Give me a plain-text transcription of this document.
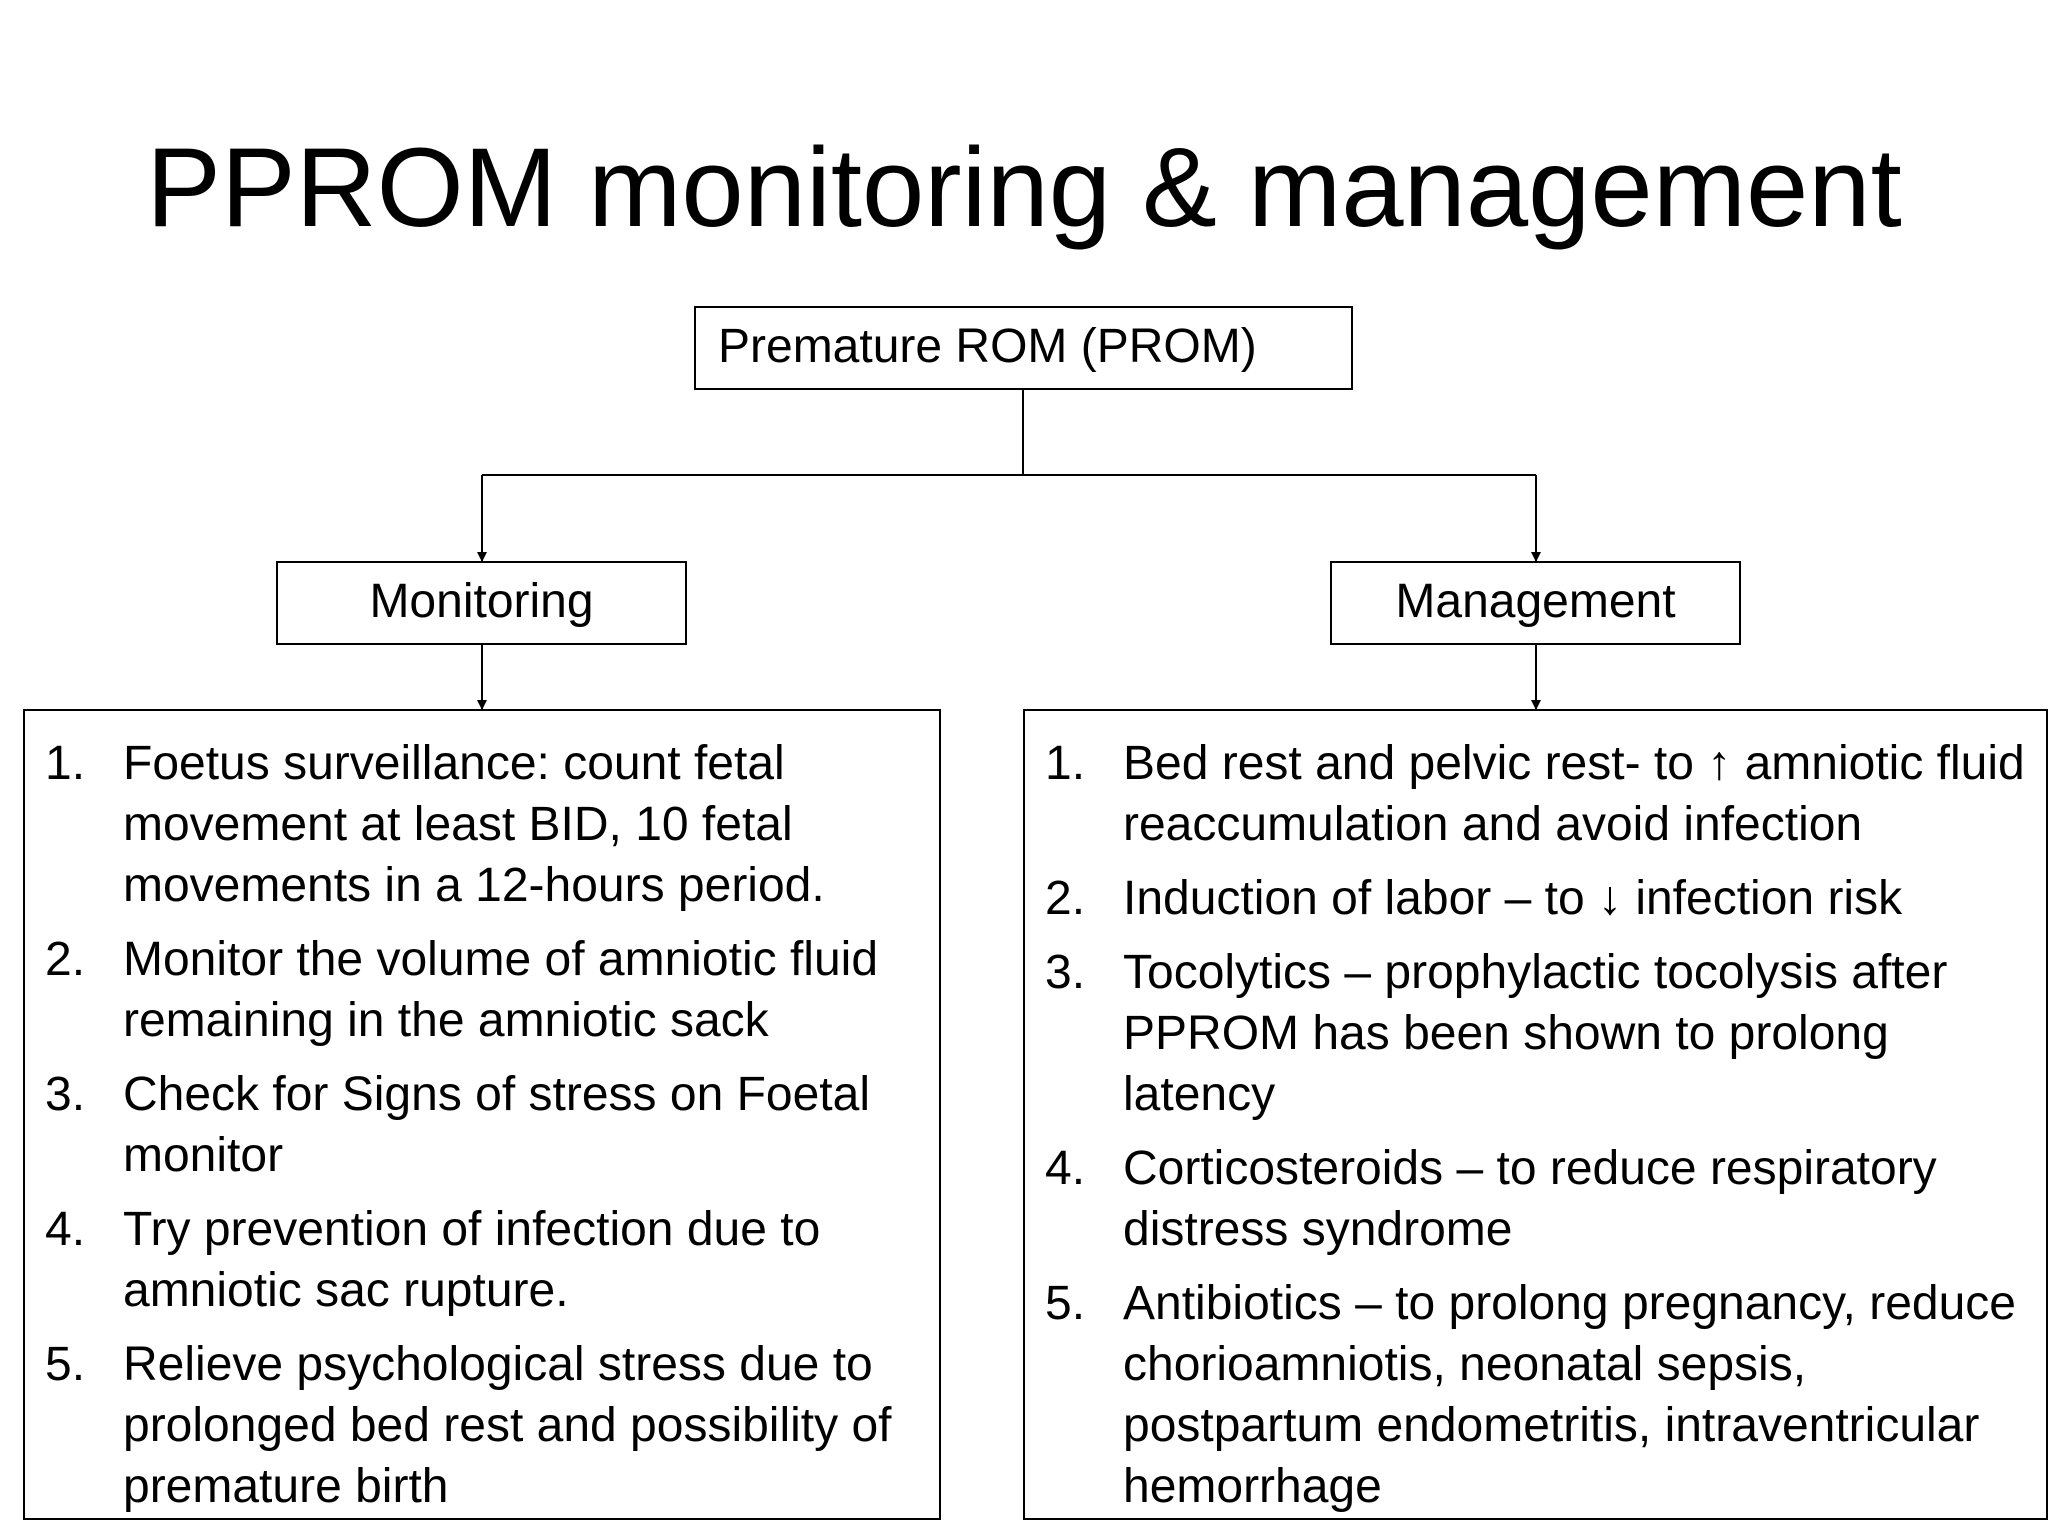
PPROM monitoring & management
Premature ROM (PROM)
Monitoring	Management
1. Foetus surveillance: count fetal movement at least BID, 10 fetal movements in a 12-hours period.
2. Monitor the volume of amniotic fluid remaining in the amniotic sack
3. Check for Signs of stress on Foetal monitor
4. Try prevention of infection due to amniotic sac rupture.
5. Relieve psychological stress due to prolonged bed rest and possibility of premature birth
1. Bed rest and pelvic rest- to ↑ amniotic fluid reaccumulation and avoid infection
2. Induction of labor – to ↓ infection risk
3. Tocolytics – prophylactic tocolysis after PPROM has been shown to prolong latency
4. Corticosteroids – to reduce respiratory distress syndrome
5. Antibiotics – to prolong pregnancy, reduce chorioamniotis, neonatal sepsis, postpartum endometritis, intraventricular hemorrhage
